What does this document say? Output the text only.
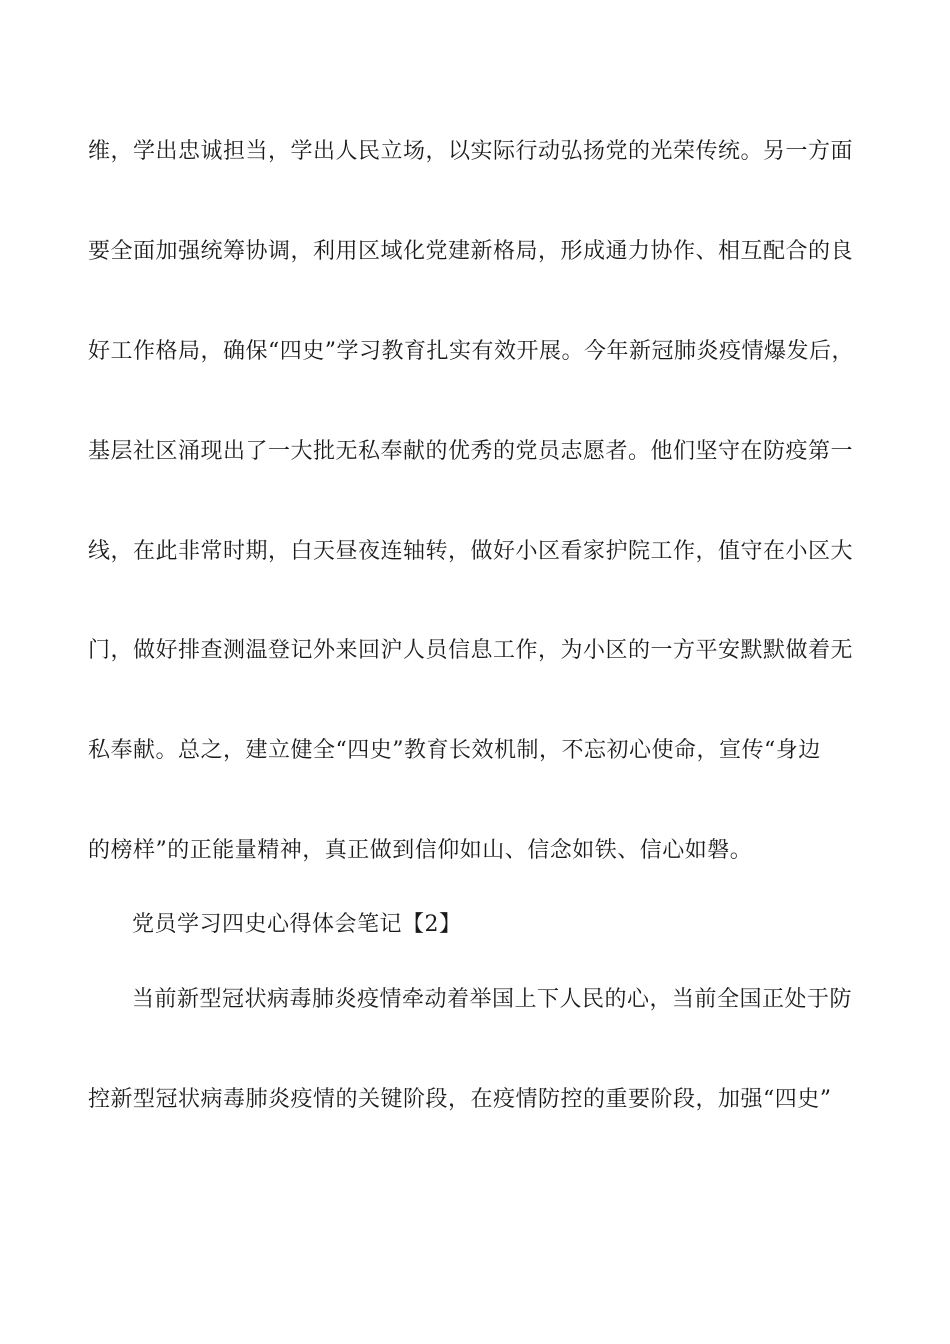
维，学出忠诚担当，学出人民立场，以实际行动弘扬党的光荣传统。另一方面
要全面加强统筹协调，利用区域化党建新格局，形成通力协作、相互配合的良
好工作格局，确保“四史”学习教育扎实有效开展。今年新冠肺炎疫情爆发后，
基层社区涌现出了一大批无私奉献的优秀的党员志愿者。他们坚守在防疫第一
线，在此非常时期，白天昼夜连轴转，做好小区看家护院工作，值守在小区大
门，做好排查测温登记外来回沪人员信息工作，为小区的一方平安默默做着无
私奉献。总之，建立健全“四史”教育长效机制，不忘初心使命，宣传“身边
的榜样”的正能量精神，真正做到信仰如山、信念如铁、信心如磐。
党员学习四史心得体会笔记【2】
当前新型冠状病毒肺炎疫情牵动着举国上下人民的心，当前全国正处于防
控新型冠状病毒肺炎疫情的关键阶段，在疫情防控的重要阶段，加强“四史”
